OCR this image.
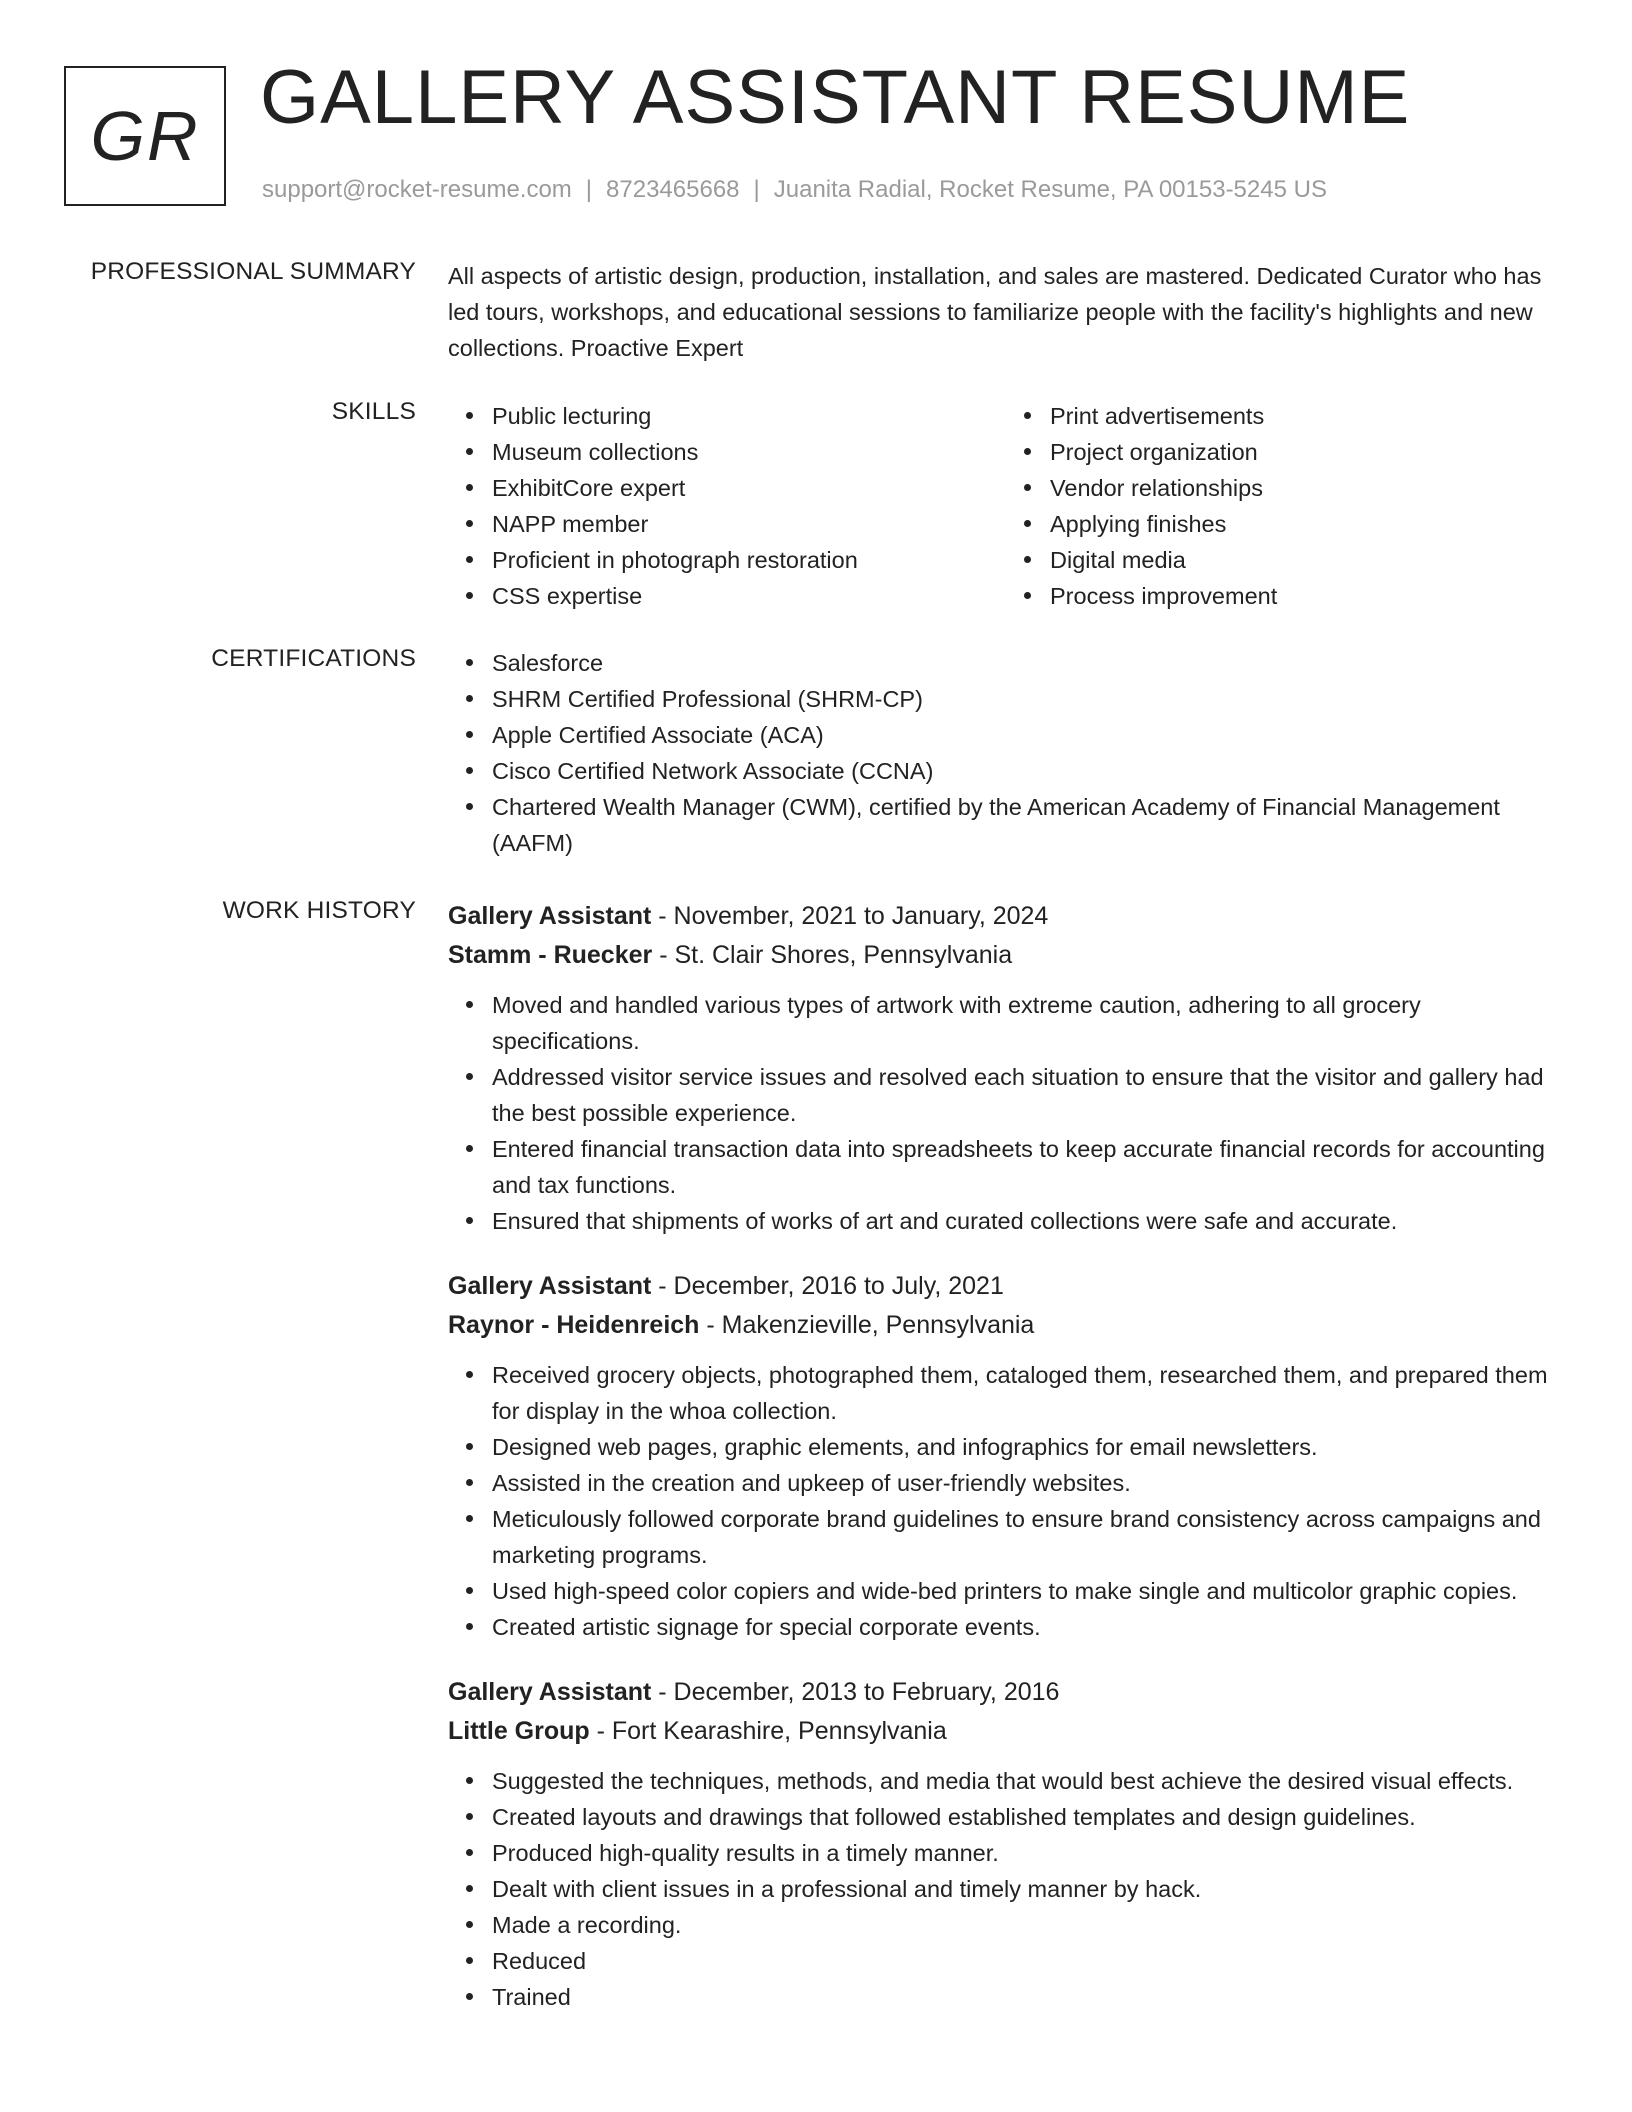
GR GALLERY ASSISTANT RESUME
support@rocket-resume.com | 8723465668 | Juanita Radial, Rocket Resume, PA 00153-5245 US
PROFESSIONAL SUMMARY All aspects of artistic design, production, installation, and sales are mastered. Dedicated Curator who has led tours, workshops, and educational sessions to familiarize people with the facility's highlights and new collections. Proactive Expert

SKILLS	Public lecturing
Museum collections
ExhibitCore expert
NAPP member
Proficient in photograph restoration
CSS expertise
Print advertisements
Project organization
Vendor relationships
Applying finishes
Digital media
Process improvement
CERTIFICATIONS	Salesforce
SHRM Certified Professional (SHRM-CP)
Apple Certified Associate (ACA)
Cisco Certified Network Associate (CCNA)
Chartered Wealth Manager (CWM), certified by the American Academy of Financial Management (AAFM)
WORK HISTORY Gallery Assistant - November, 2021 to January, 2024
Stamm - Ruecker - St. Clair Shores, Pennsylvania
Moved and handled various types of artwork with extreme caution, adhering to all grocery specifications.
Addressed visitor service issues and resolved each situation to ensure that the visitor and gallery had the best possible experience.
Entered financial transaction data into spreadsheets to keep accurate financial records for accounting and tax functions.
Ensured that shipments of works of art and curated collections were safe and accurate.
Gallery Assistant - December, 2016 to July, 2021
Raynor - Heidenreich - Makenzieville, Pennsylvania
Received grocery objects, photographed them, cataloged them, researched them, and prepared them for display in the whoa collection.
Designed web pages, graphic elements, and infographics for email newsletters.
Assisted in the creation and upkeep of user-friendly websites.
Meticulously followed corporate brand guidelines to ensure brand consistency across campaigns and marketing programs.
Used high-speed color copiers and wide-bed printers to make single and multicolor graphic copies.
Created artistic signage for special corporate events.
Gallery Assistant - December, 2013 to February, 2016
Little Group - Fort Kearashire, Pennsylvania
Suggested the techniques, methods, and media that would best achieve the desired visual effects.
Created layouts and drawings that followed established templates and design guidelines.
Produced high-quality results in a timely manner.
Dealt with client issues in a professional and timely manner by hack.
Made a recording.
Reduced
Trained
